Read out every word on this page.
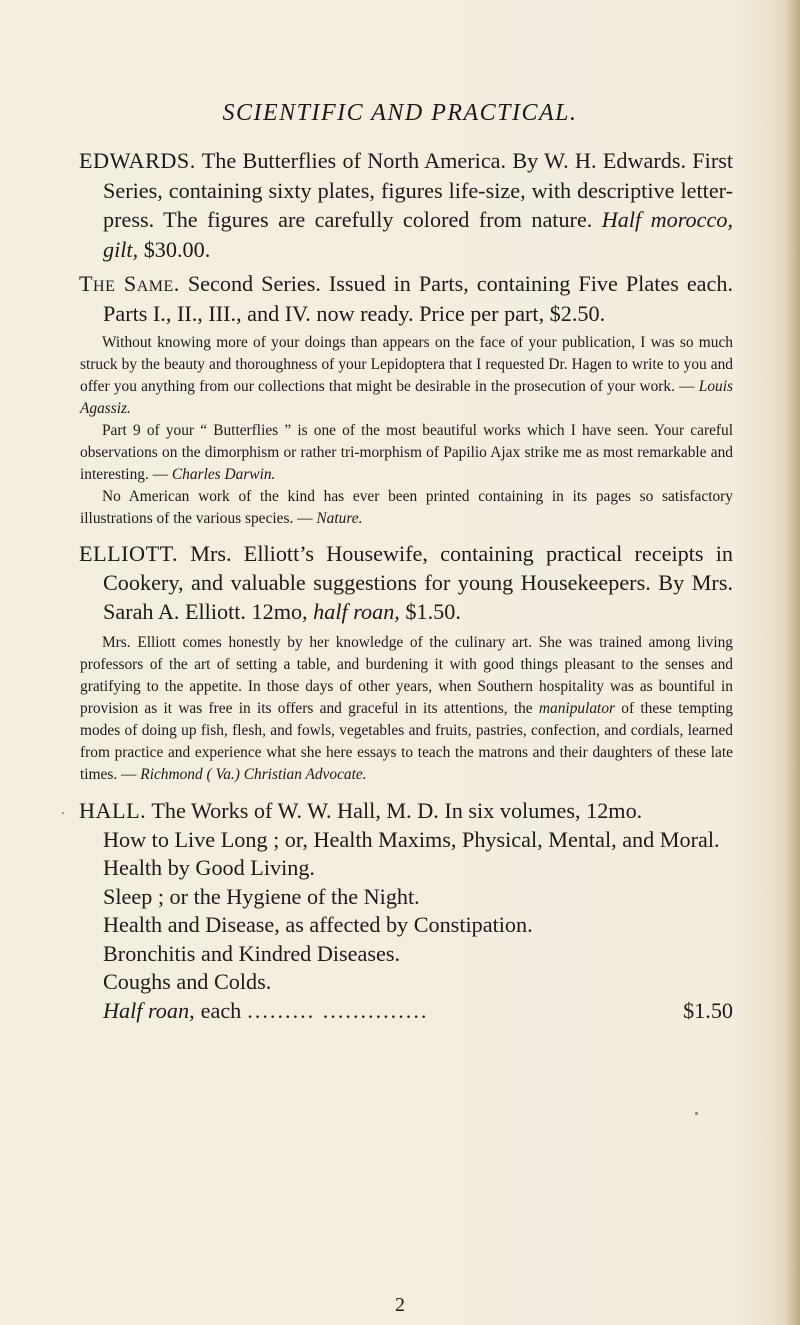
SCIENTIFIC AND PRACTICAL.

EDWARDS. The Butterflies of North America. By W. H. Edwards. First Series, containing sixty plates, figures life-size, with descriptive letter-press. The figures are carefully colored from nature. Half morocco, gilt, $30.00.

The Same. Second Series. Issued in Parts, containing Five Plates each. Parts I., II., III., and IV. now ready. Price per part, $2.50.

Without knowing more of your doings than appears on the face of your publication, I was so much struck by the beauty and thoroughness of your Lepidoptera that I requested Dr. Hagen to write to you and offer you anything from our collections that might be desirable in the prosecution of your work. — Louis Agassiz.

Part 9 of your “ Butterflies ” is one of the most beautiful works which I have seen. Your careful observations on the dimorphism or rather tri-morphism of Papilio Ajax strike me as most remarkable and interesting. — Charles Darwin.

No American work of the kind has ever been printed containing in its pages so satisfactory illustrations of the various species. — Nature.

ELLIOTT. Mrs. Elliott’s Housewife, containing practical receipts in Cookery, and valuable suggestions for young Housekeepers. By Mrs. Sarah A. Elliott. 12mo, half roan, $1.50.

Mrs. Elliott comes honestly by her knowledge of the culinary art. She was trained among living professors of the art of setting a table, and burdening it with good things pleasant to the senses and gratifying to the appetite. In those days of other years, when Southern hospitality was as bountiful in provision as it was free in its offers and graceful in its attentions, the manipulator of these tempting modes of doing up fish, flesh, and fowls, vegetables and fruits, pastries, confection, and cordials, learned from practice and experience what she here essays to teach the matrons and their daughters of these late times. — Richmond ( Va.) Christian Advocate.

HALL. The Works of W. W. Hall, M. D. In six volumes, 12mo.

How to Live Long ; or, Health Maxims, Physical, Mental, and Moral.
Health by Good Living.
Sleep ; or the Hygiene of the Night.
Health and Disease, as affected by Constipation.
Bronchitis and Kindred Diseases.
Coughs and Colds.
Half roan, each ......... ..............	$1.50
2
